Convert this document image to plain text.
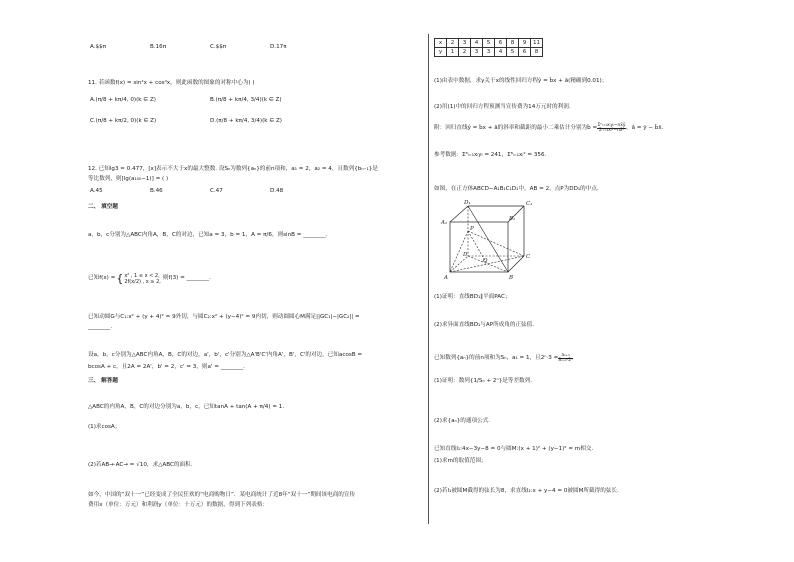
A.$$π	B.16π	C.$$π	D.17π
11. 若函数f(x) = sin⁴x + cos⁴x，则此函数的图象的对称中心为( )
A.(π/8 + kπ/4, 0)(k ∈ Z)	B.(π/8 + kπ/4, 3/4)(k ∈ Z)
C.(π/8 + kπ/2, 0)(k ∈ Z)	D.(π/8 + kπ/4, 3/4)(k ∈ Z)
12. 已知lg3 ≈ 0.477，[x]表示不大于x的最大整数. 设Sₙ为数列{aₙ}的前n项和，a₁ = 2，a₂ = 4，且数列{bₙ₋₁}是
等比数列，则[lg(a₁₀₀−1)] = ( )
A.45	B.46	C.47	D.48
二、 填空题
a，b，c分别为△ABC内角A，B，C的对边，已知a = 3，b = 1，A = π/6，则sinB = ________.
已知f(x) = { x² , 1 ≤ x < 2,
2f(x/2) , x ≥ 2,
则f(3) = ________.
已知动圆G与C₁:x² + (y + 4)² = 9外切，与圆C₂:x² + (y−4)² = 9内切，则动圆圆心M满足||GC₁|−|GC₂|| =
________.
设a，b，c分别为△ABC内角A，B，C的对边，a'，b'，c'分别为△A'B'C'内角A'，B'，C'的对边，已知acosB =
bcosA + c，且2A = 2A'，b' = 2，c' = 3，则a' = ________.
三、 解答题
△ABC的内角A，B，C的对边分别为a，b，c，已知tanA + tan(A + π/4) = 1.
(1)求cosA；
(2)若AB→·AC→ = √10，求△ABC的面积.
如今，中国的“双十一”已经变成了全民狂欢的“电商购物日”．某电商统计了近8年“双十一”期间该电商的宣传
费用x（单位：万元）和利润y（单位：十万元）的数据，得到下列表格：
x	2	3	4	5	6	8	9	11
y	1	2	3	3	4	5	6	8
(1)由表中数据，求y关于x的线性回归方程ŷ = b̂x + â(精确到0.01)；
(2)用(1)中的回归方程预测当宣传费为14万元时的利润.
附：回归直线ŷ = b̂x + â的斜率和截距的最小二乘估计分别为b̂ = $\frac{\text{Σⁿᵢ₌₁xᵢyᵢ−nx̄ȳ}}{\text{Σⁿᵢ₌₁xᵢ²−nx̄²}}$ ，â = ȳ − b̂x̄.
参考数据：Σ⁸ᵢ₌₁xᵢyᵢ = 241，Σ⁸ᵢ₌₁xᵢ² = 356.
如图，在正方体ABCD−A₁B₁C₁D₁中，AB = 2，点P为DD₁的中点.
D₁	C₁
A₁
B₁
P
D	C
A	B
O
(1)证明：直线BD₁∥平面PAC；
(2)求异面直线BD₁与AP所成角的正弦值.
已知数列{aₙ}的前n项和为Sₙ，a₁ = 1，且$2^n\cdot 3 = \frac{\text{aₙ₊₁}}{\text{Sₙ₊₁·2ⁿ}}$
(1)证明：数列{1/Sₙ + 2ⁿ}是等差数列.
(2)求{aₙ}的通项公式.
已知直线l₁:4x−3y−8 = 0与圆M:(x + 1)² + (y−1)² = m相交.
(1)求m的取值范围；
(2)若l₁被圆M截得的弦长为8，求直线l₂:x + y−4 = 0被圆M所截得的弦长.
